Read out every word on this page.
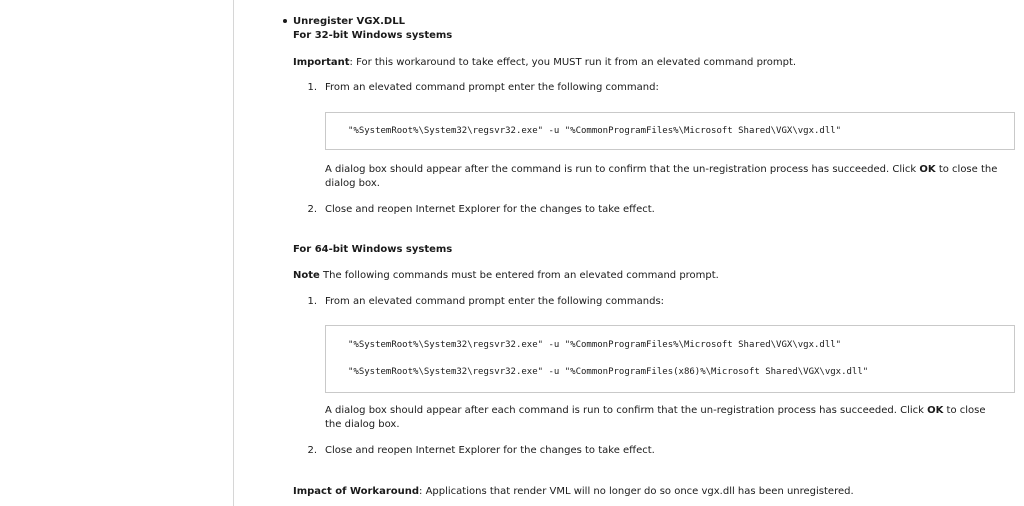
Unregister VGX.DLL
For 32-bit Windows systems
Important: For this workaround to take effect, you MUST run it from an elevated command prompt.
1. From an elevated command prompt enter the following command:
"%SystemRoot%\System32\regsvr32.exe" -u "%CommonProgramFiles%\Microsoft Shared\VGX\vgx.dll"
A dialog box should appear after the command is run to confirm that the un-registration process has succeeded. Click OK to close the
dialog box.
2. Close and reopen Internet Explorer for the changes to take effect.
For 64-bit Windows systems
Note The following commands must be entered from an elevated command prompt.
1. From an elevated command prompt enter the following commands:
"%SystemRoot%\System32\regsvr32.exe" -u "%CommonProgramFiles%\Microsoft Shared\VGX\vgx.dll"
"%SystemRoot%\System32\regsvr32.exe" -u "%CommonProgramFiles(x86)%\Microsoft Shared\VGX\vgx.dll"
A dialog box should appear after each command is run to confirm that the un-registration process has succeeded. Click OK to close
the dialog box.
2. Close and reopen Internet Explorer for the changes to take effect.
Impact of Workaround: Applications that render VML will no longer do so once vgx.dll has been unregistered.
